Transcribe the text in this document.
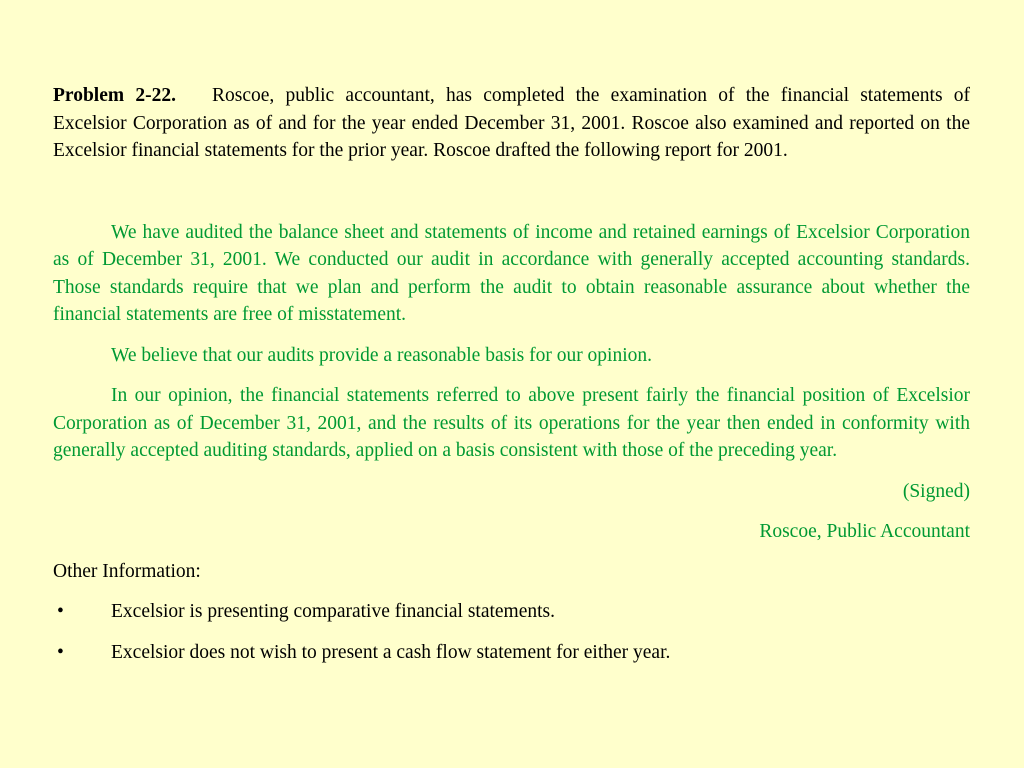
Problem 2-22. Roscoe, public accountant, has completed the examination of the financial statements of Excelsior Corporation as of and for the year ended December 31, 2001. Roscoe also examined and reported on the Excelsior financial statements for the prior year. Roscoe drafted the following report for 2001.

We have audited the balance sheet and statements of income and retained earnings of Excelsior Corporation as of December 31, 2001. We conducted our audit in accordance with generally accepted accounting standards. Those standards require that we plan and perform the audit to obtain reasonable assurance about whether the financial statements are free of misstatement.

We believe that our audits provide a reasonable basis for our opinion.

In our opinion, the financial statements referred to above present fairly the financial position of Excelsior Corporation as of December 31, 2001, and the results of its operations for the year then ended in conformity with generally accepted auditing standards, applied on a basis consistent with those of the preceding year.

(Signed)

Roscoe, Public Accountant

Other Information:

•	Excelsior is presenting comparative financial statements.
•	Excelsior does not wish to present a cash flow statement for either year.
